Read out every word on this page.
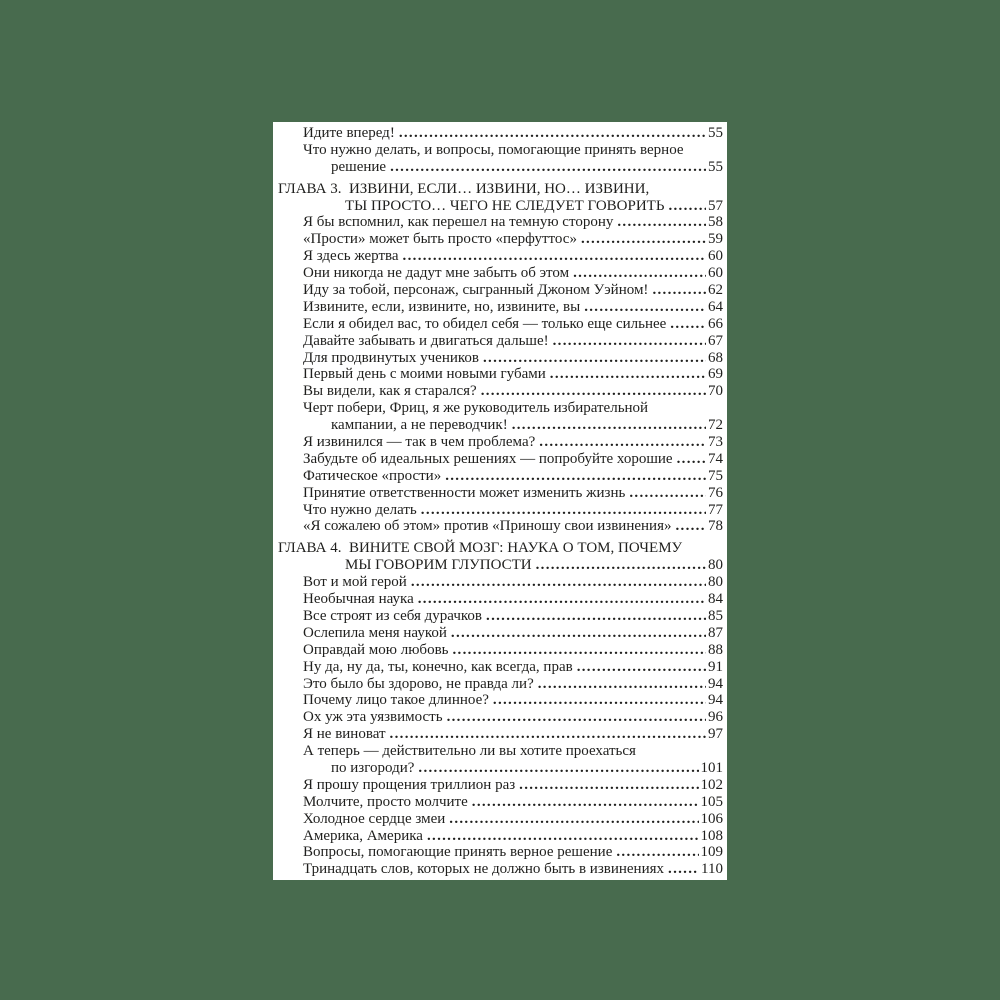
Идите вперед! .....	55
Что нужно делать, и вопросы, помогающие принять верное
решение .....	55
ГЛАВА 3.  ИЗВИНИ, ЕСЛИ… ИЗВИНИ, НО… ИЗВИНИ,
ТЫ ПРОСТО… ЧЕГО НЕ СЛЕДУЕТ ГОВОРИТЬ .....	57
Я бы вспомнил, как перешел на темную сторону .....	58
«Прости» может быть просто «перфуттос» .....	59
Я здесь жертва .....	60
Они никогда не дадут мне забыть об этом .....	60
Иду за тобой, персонаж, сыгранный Джоном Уэйном! .....	62
Извините, если, извините, но, извините, вы .....	64
Если я обидел вас, то обидел себя — только еще сильнее .....	66
Давайте забывать и двигаться дальше! .....	67
Для продвинутых учеников .....	68
Первый день с моими новыми губами .....	69
Вы видели, как я старался? .....	70
Черт побери, Фриц, я же руководитель избирательной
кампании, а не переводчик! .....	72
Я извинился — так в чем проблема? .....	73
Забудьте об идеальных решениях — попробуйте хорошие ..... 74
Фатическое «прости» .....	75
Принятие ответственности может изменить жизнь .....	76
Что нужно делать .....	77
«Я сожалею об этом» против «Приношу свои извинения» ..... 78
ГЛАВА 4.  ВИНИТЕ СВОЙ МОЗГ: НАУКА О ТОМ, ПОЧЕМУ
МЫ ГОВОРИМ ГЛУПОСТИ .....	80
Вот и мой герой .....	80
Необычная наука .....	84
Все строят из себя дурачков .....	85
Ослепила меня наукой .....	87
Оправдай мою любовь .....	88
Ну да, ну да, ты, конечно, как всегда, прав .....	91
Это было бы здорово, не правда ли? .....	94
Почему лицо такое длинное? .....	94
Ох уж эта уязвимость .....	96
Я не виноват .....	97
А теперь — действительно ли вы хотите проехаться
по изгороди? .....	101
Я прошу прощения триллион раз .....	102
Молчите, просто молчите .....	105
Холодное сердце змеи .....	106
Америка, Америка .....	108
Вопросы, помогающие принять верное решение .....	109
Тринадцать слов, которых не должно быть в извинениях ..... 110
